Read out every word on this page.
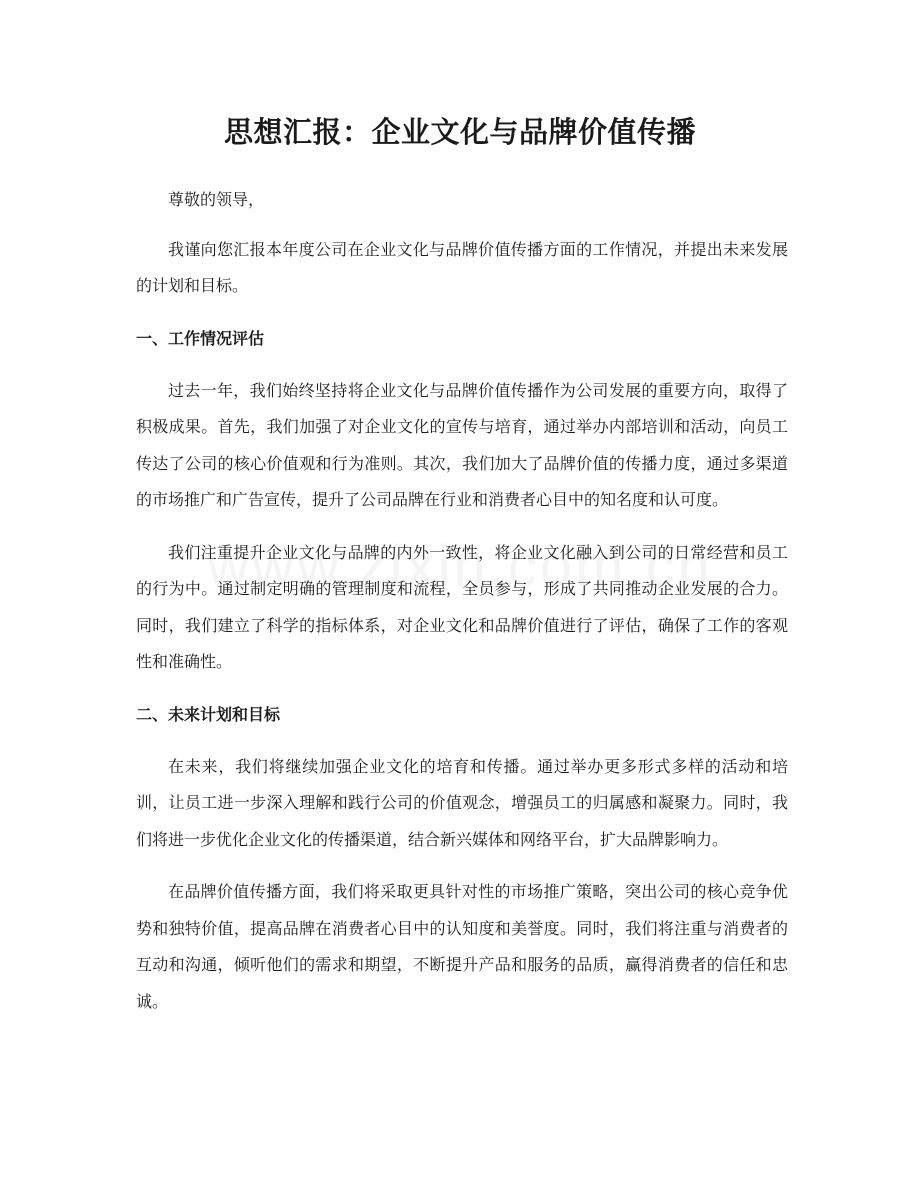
思想汇报：企业文化与品牌价值传播

尊敬的领导，

我谨向您汇报本年度公司在企业文化与品牌价值传播方面的工作情况，并提出未来发展的计划和目标。

一、工作情况评估

过去一年，我们始终坚持将企业文化与品牌价值传播作为公司发展的重要方向，取得了积极成果。首先，我们加强了对企业文化的宣传与培育，通过举办内部培训和活动，向员工传达了公司的核心价值观和行为准则。其次，我们加大了品牌价值的传播力度，通过多渠道的市场推广和广告宣传，提升了公司品牌在行业和消费者心目中的知名度和认可度。

我们注重提升企业文化与品牌的内外一致性，将企业文化融入到公司的日常经营和员工的行为中。通过制定明确的管理制度和流程，全员参与，形成了共同推动企业发展的合力。同时，我们建立了科学的指标体系，对企业文化和品牌价值进行了评估，确保了工作的客观性和准确性。

二、未来计划和目标

在未来，我们将继续加强企业文化的培育和传播。通过举办更多形式多样的活动和培训，让员工进一步深入理解和践行公司的价值观念，增强员工的归属感和凝聚力。同时，我们将进一步优化企业文化的传播渠道，结合新兴媒体和网络平台，扩大品牌影响力。

在品牌价值传播方面，我们将采取更具针对性的市场推广策略，突出公司的核心竞争优势和独特价值，提高品牌在消费者心目中的认知度和美誉度。同时，我们将注重与消费者的互动和沟通，倾听他们的需求和期望，不断提升产品和服务的品质，赢得消费者的信任和忠诚。
